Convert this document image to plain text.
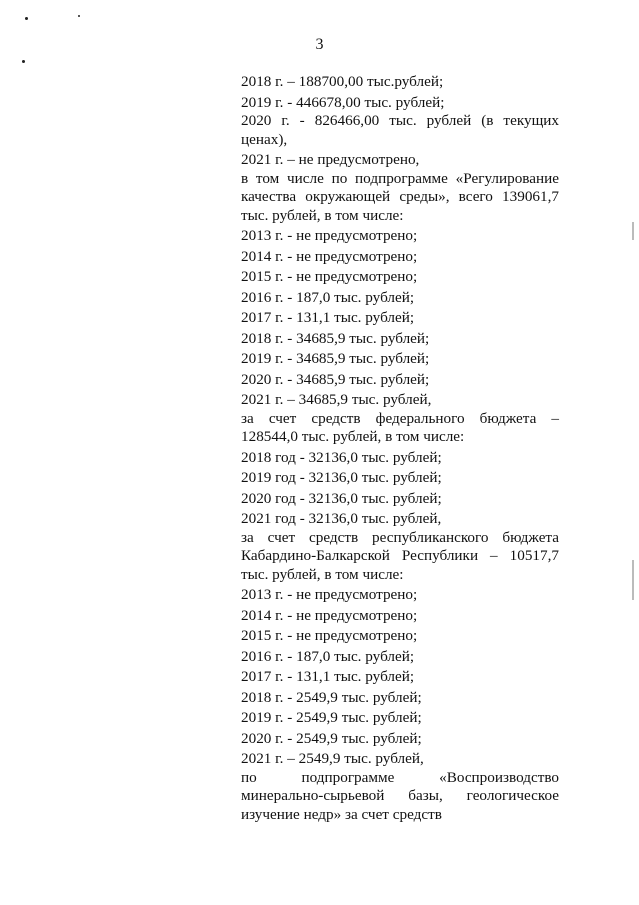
3
2018 г. – 188700,00 тыс.рублей;
2019 г. - 446678,00 тыс. рублей;
2020 г. - 826466,00 тыс. рублей (в текущих ценах),
2021 г. – не предусмотрено,
в том числе по подпрограмме «Регулирование качества окружающей среды», всего 139061,7 тыс. рублей, в том числе:
2013 г. - не предусмотрено;
2014 г. - не предусмотрено;
2015 г. - не предусмотрено;
2016 г. - 187,0 тыс. рублей;
2017 г. - 131,1 тыс. рублей;
2018 г. - 34685,9 тыс. рублей;
2019 г. - 34685,9 тыс. рублей;
2020 г. - 34685,9 тыс. рублей;
2021 г. – 34685,9 тыс. рублей,
за счет средств федерального бюджета – 128544,0 тыс. рублей, в том числе:
2018 год - 32136,0 тыс. рублей;
2019 год - 32136,0 тыс. рублей;
2020 год - 32136,0 тыс. рублей;
2021 год - 32136,0 тыс. рублей,
за счет средств республиканского бюджета Кабардино-Балкарской Республики – 10517,7 тыс. рублей, в том числе:
2013 г. - не предусмотрено;
2014 г. - не предусмотрено;
2015 г. - не предусмотрено;
2016 г. - 187,0 тыс. рублей;
2017 г. - 131,1 тыс. рублей;
2018 г. - 2549,9 тыс. рублей;
2019 г. - 2549,9 тыс. рублей;
2020 г. - 2549,9 тыс. рублей;
2021 г. – 2549,9 тыс. рублей,
по подпрограмме «Воспроизводство минерально-сырьевой базы, геологическое изучение недр» за счет средств
